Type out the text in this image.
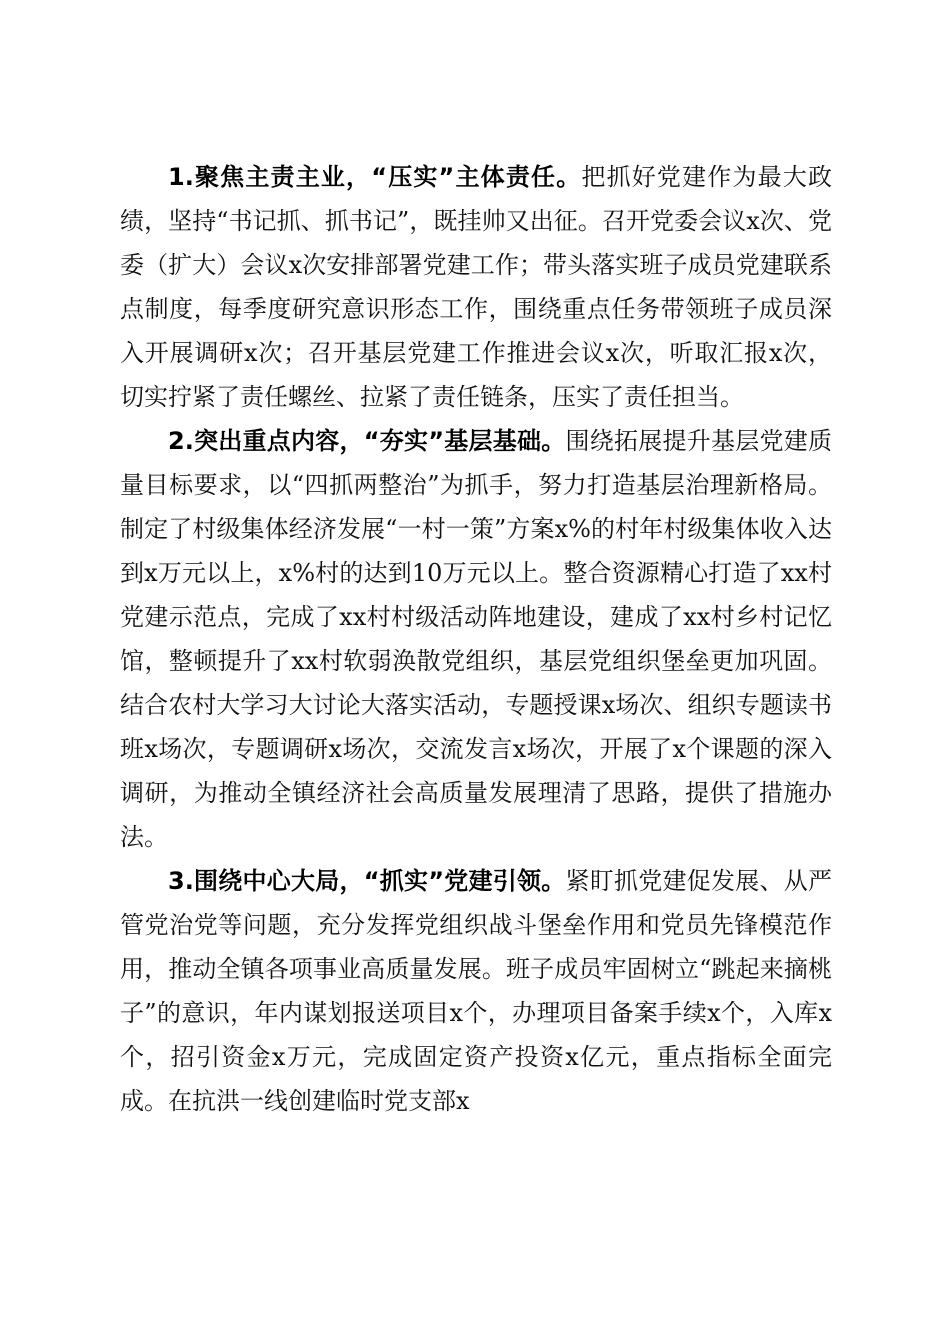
1.聚焦主责主业，“压实”主体责任。把抓好党建作为最大政绩，坚持“书记抓、抓书记”，既挂帅又出征。召开党委会议x次、党委（扩大）会议x次安排部署党建工作；带头落实班子成员党建联系点制度，每季度研究意识形态工作，围绕重点任务带领班子成员深入开展调研x次；召开基层党建工作推进会议x次，听取汇报x次，切实拧紧了责任螺丝、拉紧了责任链条，压实了责任担当。

2.突出重点内容，“夯实”基层基础。围绕拓展提升基层党建质量目标要求，以“四抓两整治”为抓手，努力打造基层治理新格局。制定了村级集体经济发展“一村一策”方案x%的村年村级集体收入达到x万元以上，x%村的达到10万元以上。整合资源精心打造了xx村党建示范点，完成了xx村村级活动阵地建设，建成了xx村乡村记忆馆，整顿提升了xx村软弱涣散党组织，基层党组织堡垒更加巩固。结合农村大学习大讨论大落实活动，专题授课x场次、组织专题读书班x场次，专题调研x场次，交流发言x场次，开展了x个课题的深入调研，为推动全镇经济社会高质量发展理清了思路，提供了措施办法。

3.围绕中心大局，“抓实”党建引领。紧盯抓党建促发展、从严管党治党等问题，充分发挥党组织战斗堡垒作用和党员先锋模范作用，推动全镇各项事业高质量发展。班子成员牢固树立“跳起来摘桃子”的意识，年内谋划报送项目x个，办理项目备案手续x个，入库x个，招引资金x万元，完成固定资产投资x亿元，重点指标全面完成。在抗洪一线创建临时党支部x
